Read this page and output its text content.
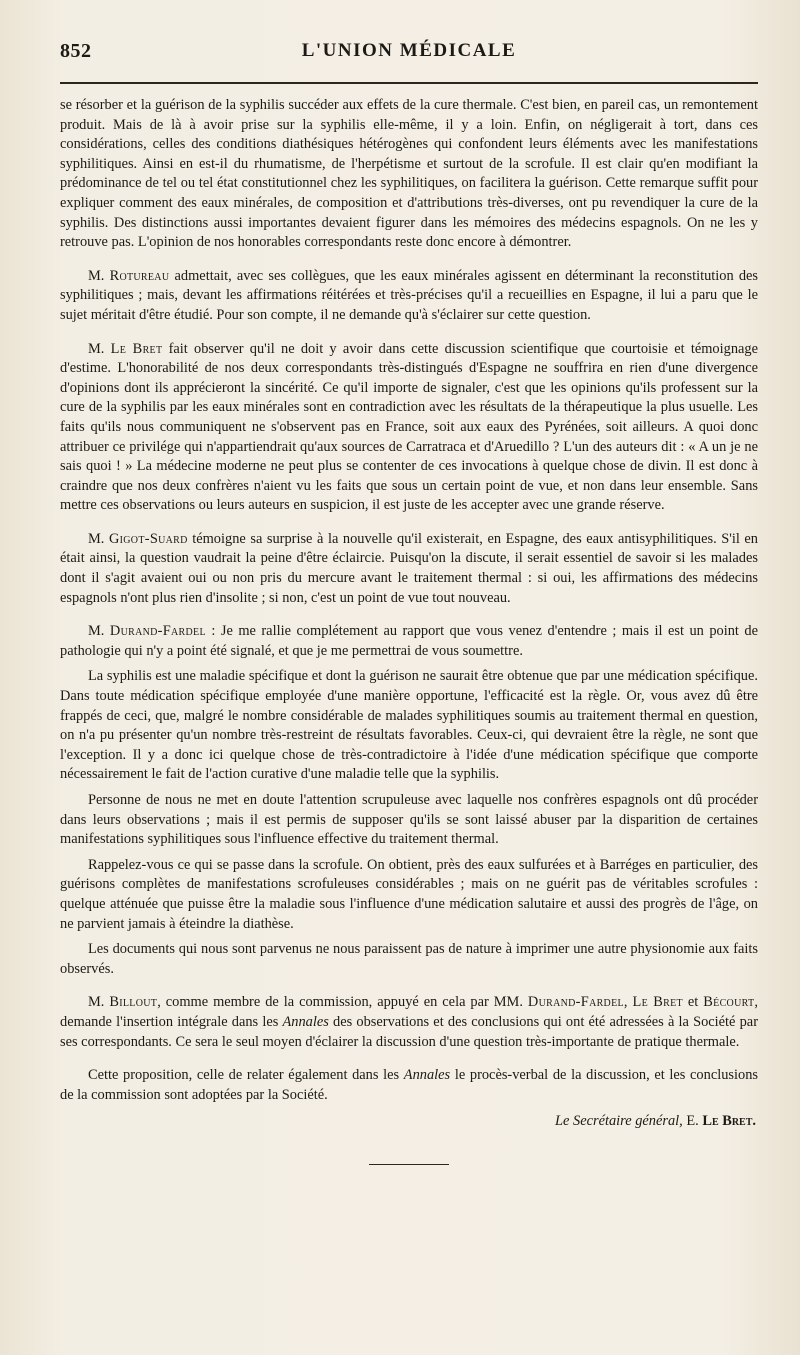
852	L'UNION MÉDICALE

se résorber et la guérison de la syphilis succéder aux effets de la cure thermale. C'est bien, en pareil cas, un remontement produit. Mais de là à avoir prise sur la syphilis elle-même, il y a loin. Enfin, on négligerait à tort, dans ces considérations, celles des conditions diathésiques hétérogènes qui confondent leurs éléments avec les manifestations syphilitiques. Ainsi en est-il du rhumatisme, de l'herpétisme et surtout de la scrofule. Il est clair qu'en modifiant la prédominance de tel ou tel état constitutionnel chez les syphilitiques, on facilitera la guérison. Cette remarque suffit pour expliquer comment des eaux minérales, de composition et d'attributions très-diverses, ont pu revendiquer la cure de la syphilis. Des distinctions aussi importantes devaient figurer dans les mémoires des médecins espagnols. On ne les y retrouve pas. L'opinion de nos honorables correspondants reste donc encore à démontrer.

M. Rotureau admettait, avec ses collègues, que les eaux minérales agissent en déterminant la reconstitution des syphilitiques ; mais, devant les affirmations réitérées et très-précises qu'il a recueillies en Espagne, il lui a paru que le sujet méritait d'être étudié. Pour son compte, il ne demande qu'à s'éclairer sur cette question.

M. Le Bret fait observer qu'il ne doit y avoir dans cette discussion scientifique que courtoisie et témoignage d'estime. L'honorabilité de nos deux correspondants très-distingués d'Espagne ne souffrira en rien d'une divergence d'opinions dont ils apprécieront la sincérité. Ce qu'il importe de signaler, c'est que les opinions qu'ils professent sur la cure de la syphilis par les eaux minérales sont en contradiction avec les résultats de la thérapeutique la plus usuelle. Les faits qu'ils nous communiquent ne s'observent pas en France, soit aux eaux des Pyrénées, soit ailleurs. A quoi donc attribuer ce privilége qui n'appartiendrait qu'aux sources de Carratraca et d'Aruedillo ? L'un des auteurs dit : « A un je ne sais quoi ! » La médecine moderne ne peut plus se contenter de ces invocations à quelque chose de divin. Il est donc à craindre que nos deux confrères n'aient vu les faits que sous un certain point de vue, et non dans leur ensemble. Sans mettre ces observations ou leurs auteurs en suspicion, il est juste de les accepter avec une grande réserve.

M. Gigot-Suard témoigne sa surprise à la nouvelle qu'il existerait, en Espagne, des eaux antisyphilitiques. S'il en était ainsi, la question vaudrait la peine d'être éclaircie. Puisqu'on la discute, il serait essentiel de savoir si les malades dont il s'agit avaient oui ou non pris du mercure avant le traitement thermal : si oui, les affirmations des médecins espagnols n'ont plus rien d'insolite ; si non, c'est un point de vue tout nouveau.

M. Durand-Fardel : Je me rallie complétement au rapport que vous venez d'entendre ; mais il est un point de pathologie qui n'y a point été signalé, et que je me permettrai de vous soumettre.

La syphilis est une maladie spécifique et dont la guérison ne saurait être obtenue que par une médication spécifique. Dans toute médication spécifique employée d'une manière opportune, l'efficacité est la règle. Or, vous avez dû être frappés de ceci, que, malgré le nombre considérable de malades syphilitiques soumis au traitement thermal en question, on n'a pu présenter qu'un nombre très-restreint de résultats favorables. Ceux-ci, qui devraient être la règle, ne sont que l'exception. Il y a donc ici quelque chose de très-contradictoire à l'idée d'une médication spécifique que comporte nécessairement le fait de l'action curative d'une maladie telle que la syphilis.

Personne de nous ne met en doute l'attention scrupuleuse avec laquelle nos confrères espagnols ont dû procéder dans leurs observations ; mais il est permis de supposer qu'ils se sont laissé abuser par la disparition de certaines manifestations syphilitiques sous l'influence effective du traitement thermal.

Rappelez-vous ce qui se passe dans la scrofule. On obtient, près des eaux sulfurées et à Barréges en particulier, des guérisons complètes de manifestations scrofuleuses considérables ; mais on ne guérit pas de véritables scrofules : quelque atténuée que puisse être la maladie sous l'influence d'une médication salutaire et aussi des progrès de l'âge, on ne parvient jamais à éteindre la diathèse.

Les documents qui nous sont parvenus ne nous paraissent pas de nature à imprimer une autre physionomie aux faits observés.

M. Billout, comme membre de la commission, appuyé en cela par MM. Durand-Fardel, Le Bret et Bécourt, demande l'insertion intégrale dans les Annales des observations et des conclusions qui ont été adressées à la Société par ses correspondants. Ce sera le seul moyen d'éclairer la discussion d'une question très-importante de pratique thermale.

Cette proposition, celle de relater également dans les Annales le procès-verbal de la discussion, et les conclusions de la commission sont adoptées par la Société.

Le Secrétaire général, E. Le Bret.
